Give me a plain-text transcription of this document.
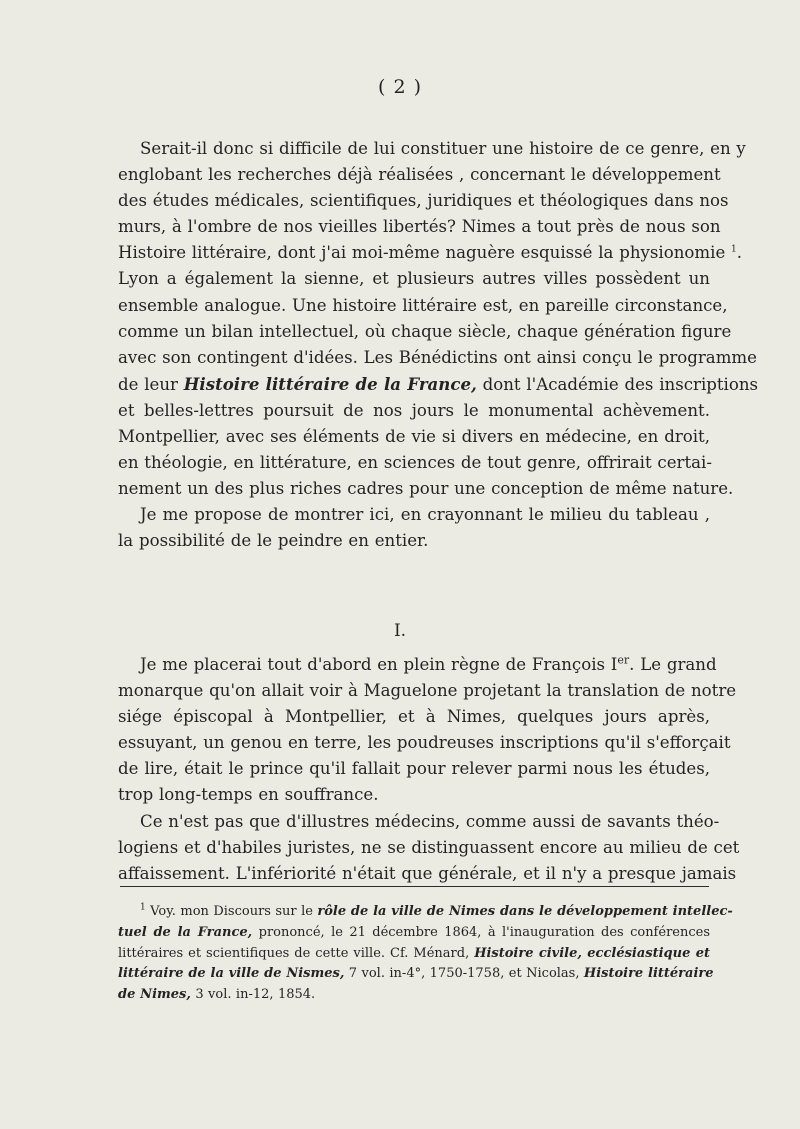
( 2 )
Serait-il donc si difficile de lui constituer une histoire de ce genre, en y
englobant les recherches déjà réalisées , concernant le développement
des études médicales, scientifiques, juridiques et théologiques dans nos
murs, à l'ombre de nos vieilles libertés? Nimes a tout près de nous son
Histoire littéraire, dont j'ai moi-même naguère esquissé la physionomie $^1$.
Lyon a également la sienne, et plusieurs autres villes possèdent un
ensemble analogue. Une histoire littéraire est, en pareille circonstance,
comme un bilan intellectuel, où chaque siècle, chaque génération figure
avec son contingent d'idées. Les Bénédictins ont ainsi conçu le programme
de leur Histoire littéraire de la France, dont l'Académie des inscriptions
et belles-lettres poursuit de nos jours le monumental achèvement.
Montpellier, avec ses éléments de vie si divers en médecine, en droit,
en théologie, en littérature, en sciences de tout genre, offrirait certai-
nement un des plus riches cadres pour une conception de même nature.
Je me propose de montrer ici, en crayonnant le milieu du tableau ,
la possibilité de le peindre en entier.
I.
Je me placerai tout d'abord en plein règne de François Ier. Le grand
monarque qu'on allait voir à Maguelone projetant la translation de notre
siége épiscopal à Montpellier, et à Nimes, quelques jours après,
essuyant, un genou en terre, les poudreuses inscriptions qu'il s'efforçait
de lire, était le prince qu'il fallait pour relever parmi nous les études,
trop long-temps en souffrance.
Ce n'est pas que d'illustres médecins, comme aussi de savants théo-
logiens et d'habiles juristes, ne se distinguassent encore au milieu de cet
affaissement. L'infériorité n'était que générale, et il n'y a presque jamais
$^1$ Voy. mon Discours sur le rôle de la ville de Nimes dans le développement intellec-
tuel de la France, prononcé, le 21 décembre 1864, à l'inauguration des conférences
littéraires et scientifiques de cette ville. Cf. Ménard, Histoire civile, ecclésiastique et
littéraire de la ville de Nismes, 7 vol. in-4°, 1750-1758, et Nicolas, Histoire littéraire
de Nimes, 3 vol. in-12, 1854.
